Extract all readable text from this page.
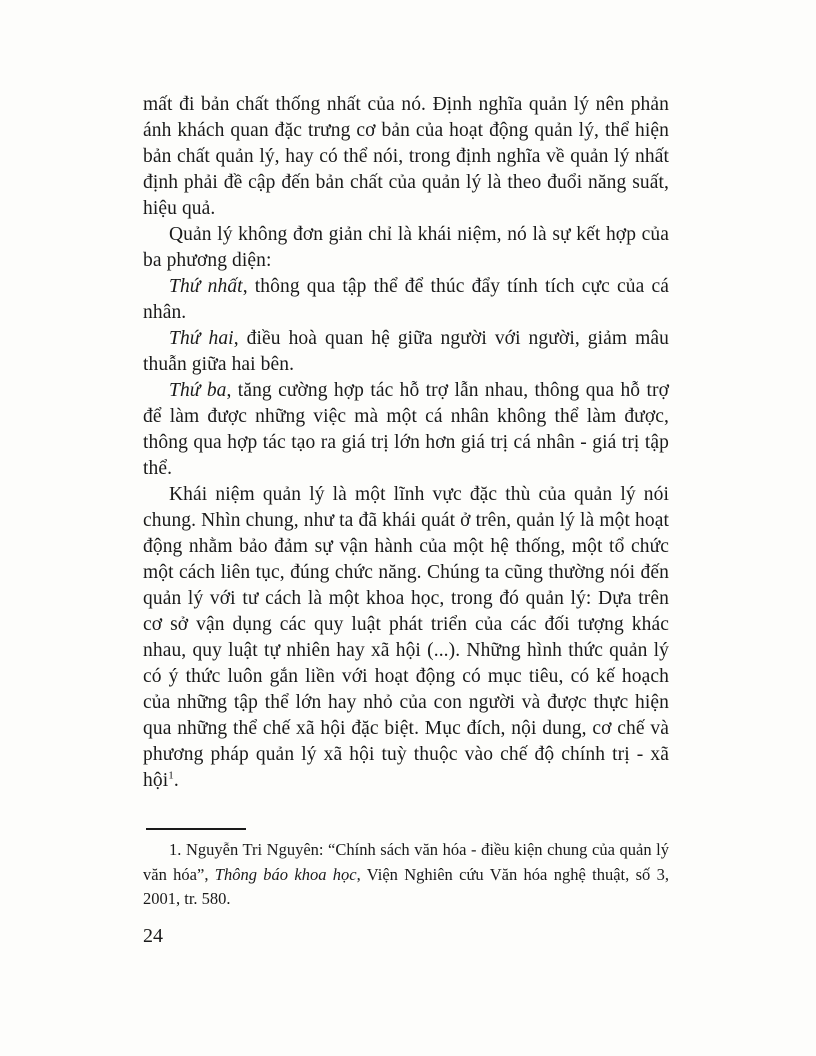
mất đi bản chất thống nhất của nó. Định nghĩa quản lý nên phản ánh khách quan đặc trưng cơ bản của hoạt động quản lý, thể hiện bản chất quản lý, hay có thể nói, trong định nghĩa về quản lý nhất định phải đề cập đến bản chất của quản lý là theo đuổi năng suất, hiệu quả.

Quản lý không đơn giản chỉ là khái niệm, nó là sự kết hợp của ba phương diện:

Thứ nhất, thông qua tập thể để thúc đẩy tính tích cực của cá nhân.

Thứ hai, điều hoà quan hệ giữa người với người, giảm mâu thuẫn giữa hai bên.

Thứ ba, tăng cường hợp tác hỗ trợ lẫn nhau, thông qua hỗ trợ để làm được những việc mà một cá nhân không thể làm được, thông qua hợp tác tạo ra giá trị lớn hơn giá trị cá nhân - giá trị tập thể.

Khái niệm quản lý là một lĩnh vực đặc thù của quản lý nói chung. Nhìn chung, như ta đã khái quát ở trên, quản lý là một hoạt động nhằm bảo đảm sự vận hành của một hệ thống, một tổ chức một cách liên tục, đúng chức năng. Chúng ta cũng thường nói đến quản lý với tư cách là một khoa học, trong đó quản lý: Dựa trên cơ sở vận dụng các quy luật phát triển của các đối tượng khác nhau, quy luật tự nhiên hay xã hội (...). Những hình thức quản lý có ý thức luôn gắn liền với hoạt động có mục tiêu, có kế hoạch của những tập thể lớn hay nhỏ của con người và được thực hiện qua những thể chế xã hội đặc biệt. Mục đích, nội dung, cơ chế và phương pháp quản lý xã hội tuỳ thuộc vào chế độ chính trị - xã hội$^1$.

1. Nguyễn Tri Nguyên: “Chính sách văn hóa - điều kiện chung của quản lý văn hóa”, Thông báo khoa học, Viện Nghiên cứu Văn hóa nghệ thuật, số 3, 2001, tr. 580.

24
